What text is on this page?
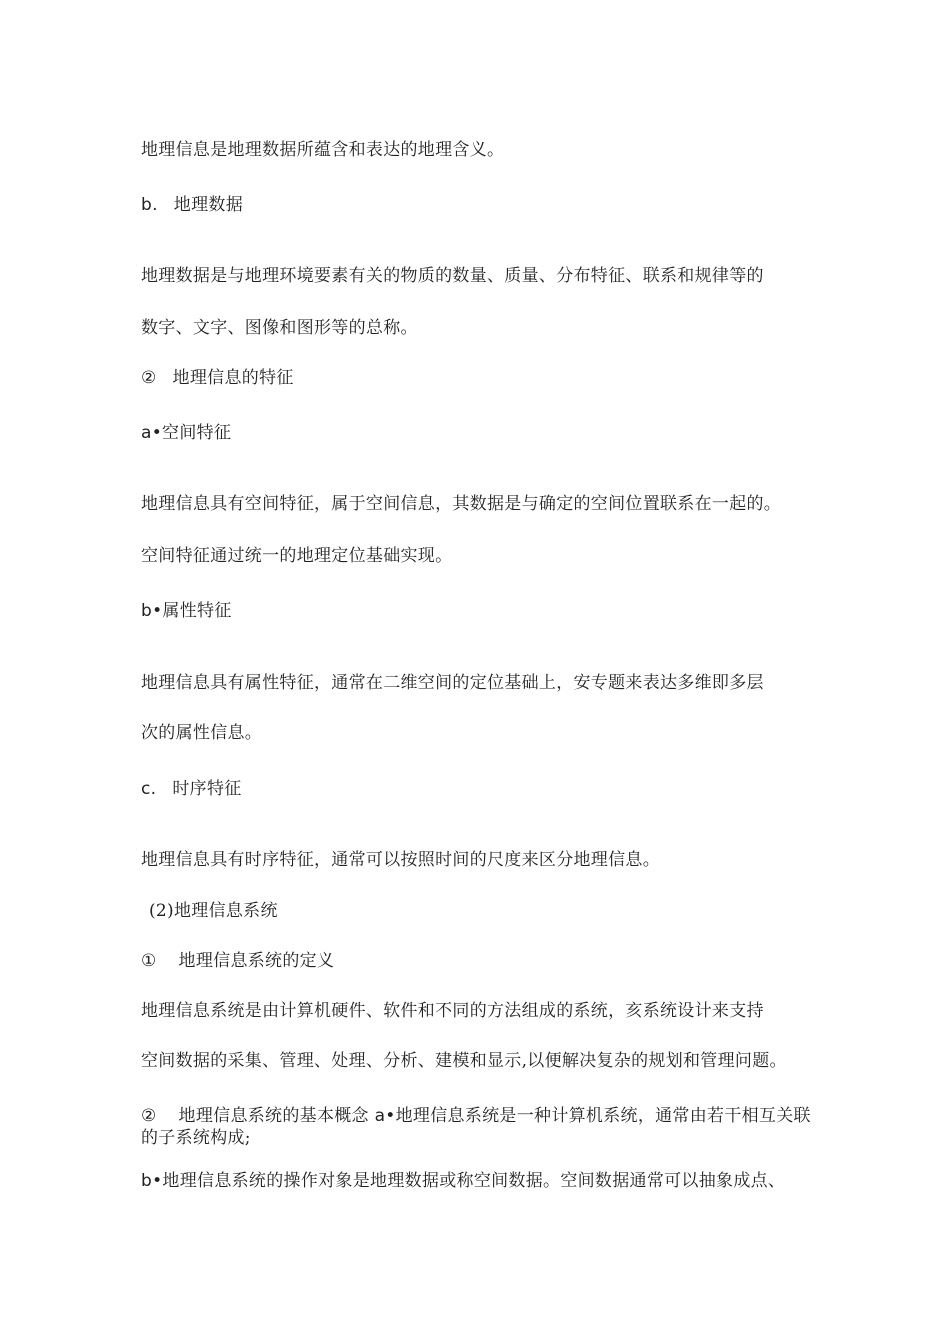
地理信息是地理数据所蕴含和表达的地理含义。
b. 地理数据
地理数据是与地理环境要素有关的物质的数量、质量、分布特征、联系和规律等的
数字、文字、图像和图形等的总称。
② 地理信息的特征
a•空间特征
地理信息具有空间特征，属于空间信息，其数据是与确定的空间位置联系在一起的。
空间特征通过统一的地理定位基础实现。
b•属性特征
地理信息具有属性特征，通常在二维空间的定位基础上，安专题来表达多维即多层
次的属性信息。
c. 时序特征
地理信息具有时序特征，通常可以按照时间的尺度来区分地理信息。
(2)地理信息系统
① 地理信息系统的定义
地理信息系统是由计算机硬件、软件和不同的方法组成的系统，亥系统设计来支持
空间数据的采集、管理、处理、分析、建模和显示,以便解决复杂的规划和管理问题。
② 地理信息系统的基本概念 a•地理信息系统是一种计算机系统，通常由若干相互关联的子系统构成;
b•地理信息系统的操作对象是地理数据或称空间数据。空间数据通常可以抽象成点、
